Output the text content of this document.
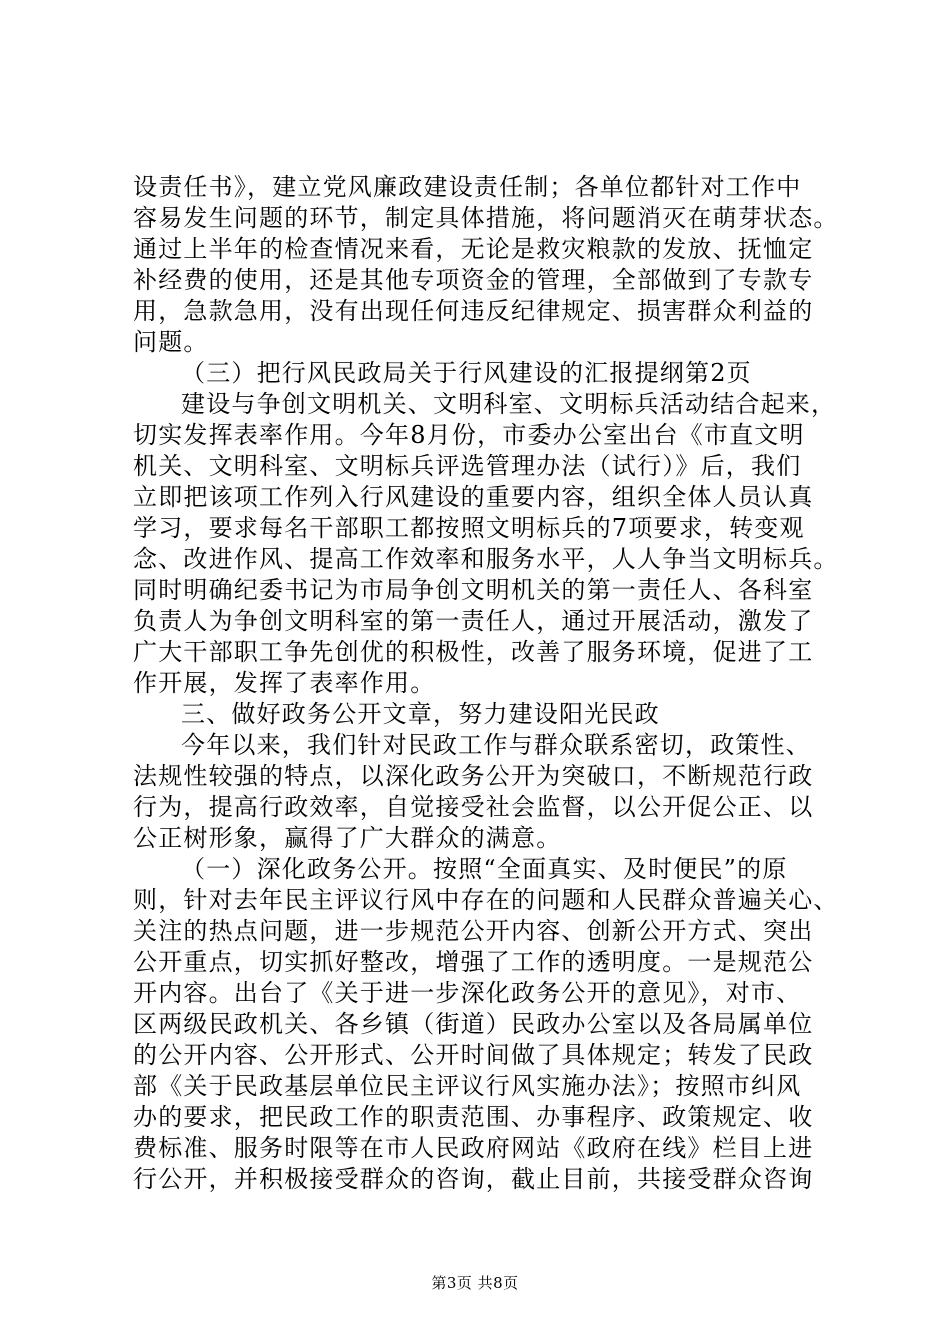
设责任书》，建立党风廉政建设责任制；各单位都针对工作中

容易发生问题的环节，制定具体措施，将问题消灭在萌芽状态。

通过上半年的检查情况来看，无论是救灾粮款的发放、抚恤定

补经费的使用，还是其他专项资金的管理，全部做到了专款专

用，急款急用，没有出现任何违反纪律规定、损害群众利益的

问题。

（三）把行风民政局关于行风建设的汇报提纲第2页

建设与争创文明机关、文明科室、文明标兵活动结合起来，

切实发挥表率作用。今年8月份，市委办公室出台《市直文明

机关、文明科室、文明标兵评选管理办法（试行）》后，我们

立即把该项工作列入行风建设的重要内容，组织全体人员认真

学习，要求每名干部职工都按照文明标兵的7项要求，转变观

念、改进作风、提高工作效率和服务水平，人人争当文明标兵。

同时明确纪委书记为市局争创文明机关的第一责任人、各科室

负责人为争创文明科室的第一责任人，通过开展活动，激发了

广大干部职工争先创优的积极性，改善了服务环境，促进了工

作开展，发挥了表率作用。

三、做好政务公开文章，努力建设阳光民政

今年以来，我们针对民政工作与群众联系密切，政策性、

法规性较强的特点，以深化政务公开为突破口，不断规范行政

行为，提高行政效率，自觉接受社会监督，以公开促公正、以

公正树形象，赢得了广大群众的满意。

（一）深化政务公开。按照“全面真实、及时便民”的原

则，针对去年民主评议行风中存在的问题和人民群众普遍关心、

关注的热点问题，进一步规范公开内容、创新公开方式、突出

公开重点，切实抓好整改，增强了工作的透明度。一是规范公

开内容。出台了《关于进一步深化政务公开的意见》，对市、

区两级民政机关、各乡镇（街道）民政办公室以及各局属单位

的公开内容、公开形式、公开时间做了具体规定；转发了民政

部《关于民政基层单位民主评议行风实施办法》；按照市纠风

办的要求，把民政工作的职责范围、办事程序、政策规定、收

费标准、服务时限等在市人民政府网站《政府在线》栏目上进

行公开，并积极接受群众的咨询，截止目前，共接受群众咨询

第3页 共8页
